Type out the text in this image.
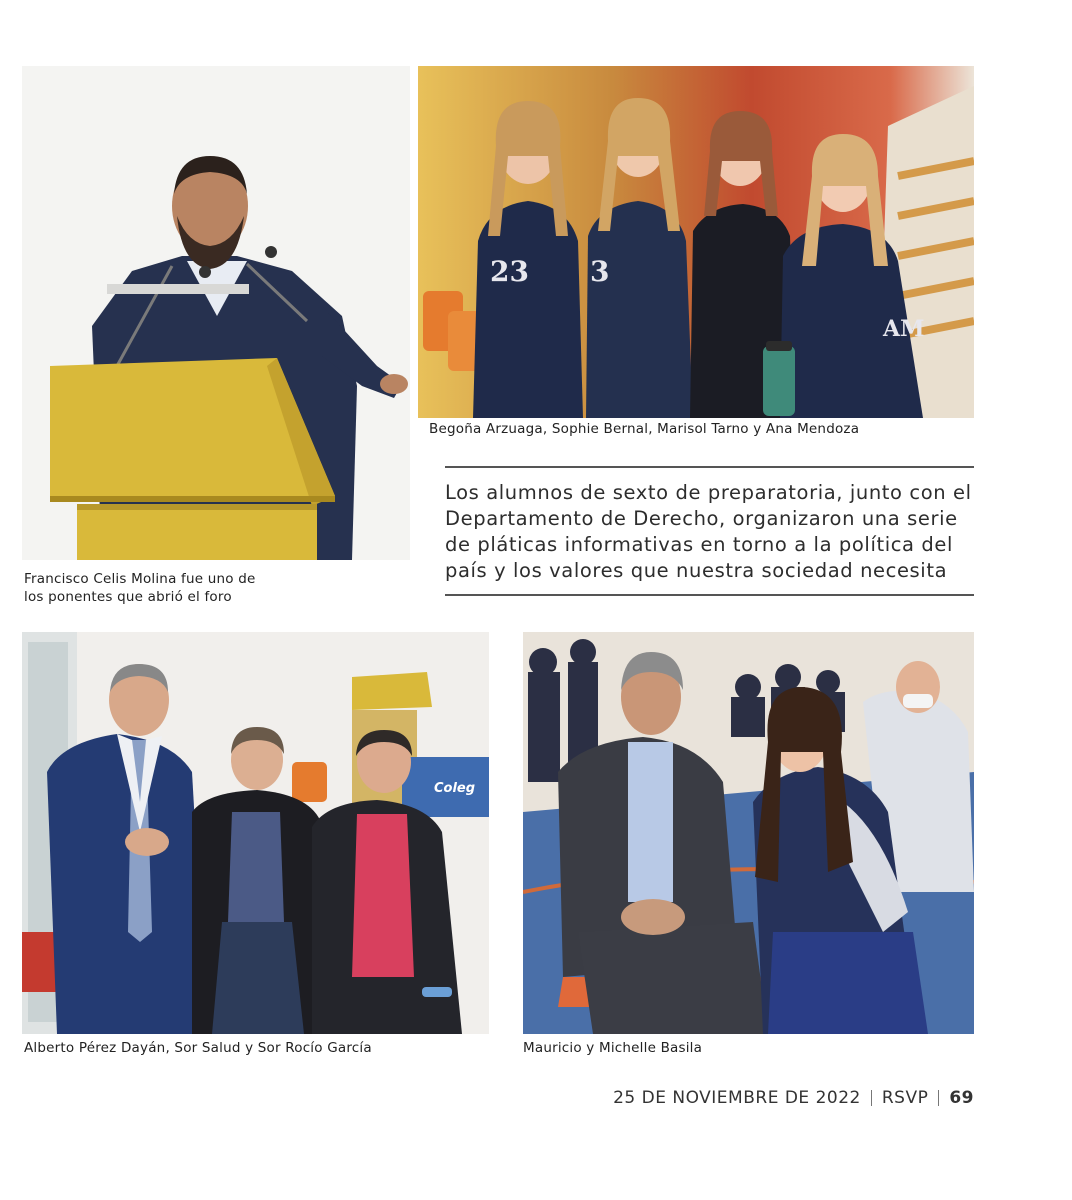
Francisco Celis Molina fue uno de
los ponentes que abrió el foro
23 3
AM
Begoña Arzuaga, Sophie Bernal, Marisol Tarno y Ana Mendoza
Los alumnos de sexto de preparatoria, junto con el
Departamento de Derecho, organizaron una serie
de pláticas informativas en torno a la política del
país y los valores que nuestra sociedad necesita
Coleg
Alberto Pérez Dayán, Sor Salud y Sor Rocío García	Mauricio y Michelle Basila
25 DE NOVIEMBRE DE 2022 RSVP 69
